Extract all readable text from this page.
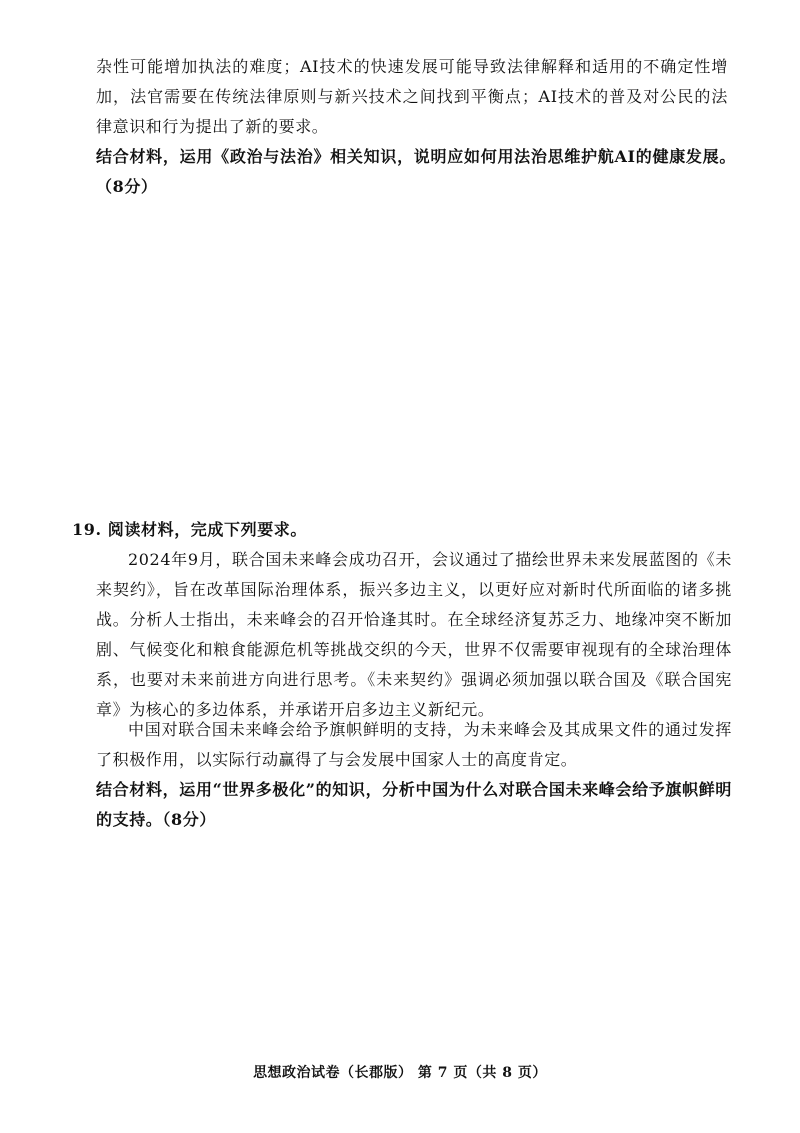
杂性可能增加执法的难度；AI技术的快速发展可能导致法律解释和适用的不确定性增加，法官需要在传统法律原则与新兴技术之间找到平衡点；AI技术的普及对公民的法律意识和行为提出了新的要求。

结合材料，运用《政治与法治》相关知识，说明应如何用法治思维护航AI的健康发展。（8分）

19. 阅读材料，完成下列要求。

2024年9月，联合国未来峰会成功召开，会议通过了描绘世界未来发展蓝图的《未来契约》，旨在改革国际治理体系，振兴多边主义，以更好应对新时代所面临的诸多挑战。分析人士指出，未来峰会的召开恰逢其时。在全球经济复苏乏力、地缘冲突不断加剧、气候变化和粮食能源危机等挑战交织的今天，世界不仅需要审视现有的全球治理体系，也要对未来前进方向进行思考。《未来契约》强调必须加强以联合国及《联合国宪章》为核心的多边体系，并承诺开启多边主义新纪元。

中国对联合国未来峰会给予旗帜鲜明的支持，为未来峰会及其成果文件的通过发挥了积极作用，以实际行动赢得了与会发展中国家人士的高度肯定。

结合材料，运用“世界多极化”的知识，分析中国为什么对联合国未来峰会给予旗帜鲜明的支持。（8分）

思想政治试卷（长郡版） 第 7 页（共 8 页）
